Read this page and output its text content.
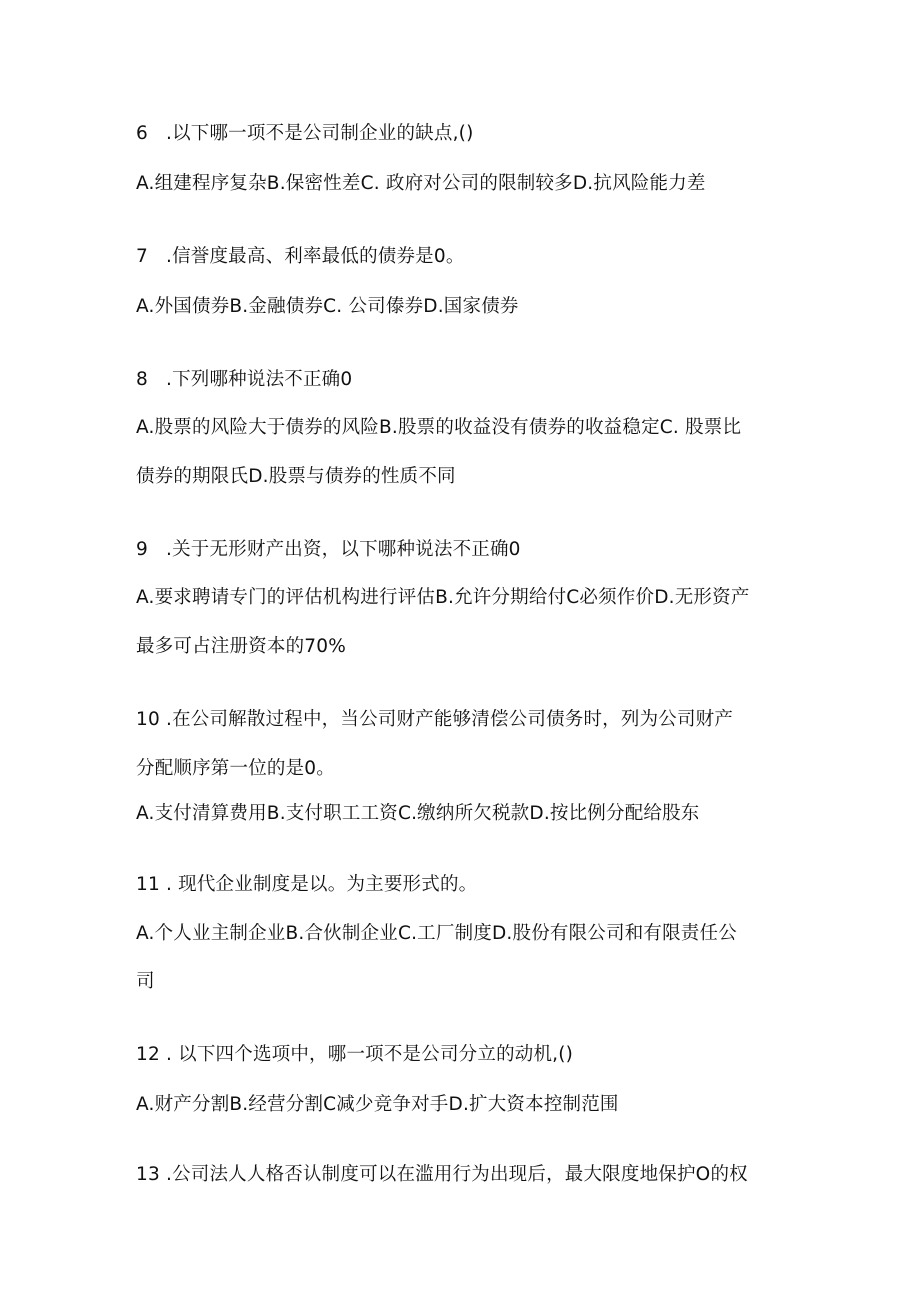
6 .以下哪一项不是公司制企业的缺点,()
A.组建程序复杂B.保密性差C. 政府对公司的限制较多D.抗风险能力差
7 .信誉度最高、利率最低的债券是0。
A.外国债券B.金融债券C. 公司傣券D.国家债券
8 .下列哪种说法不正确0
A.股票的风险大于债券的风险B.股票的收益没有债券的收益稳定C. 股票比
债券的期限氏D.股票与债券的性质不同
9 .关于无形财产出资，以下哪种说法不正确0
A.要求聘请专门的评估机构进行评估B.允许分期给付C必须作价D.无形资产
最多可占注册资本的70%
10 .在公司解散过程中，当公司财产能够清偿公司债务时，列为公司财产
分配顺序第一位的是0。
A.支付清算费用B.支付职工工资C.缴纳所欠税款D.按比例分配给股东
11 . 现代企业制度是以。为主要形式的。
A.个人业主制企业B.合伙制企业C.工厂制度D.股份有限公司和有限责任公
司
12 . 以下四个选项中，哪一项不是公司分立的动机,()
A.财产分割B.经营分割C减少竞争对手D.扩大资本控制范围
13 .公司法人人格否认制度可以在滥用行为出现后，最大限度地保护O的权
